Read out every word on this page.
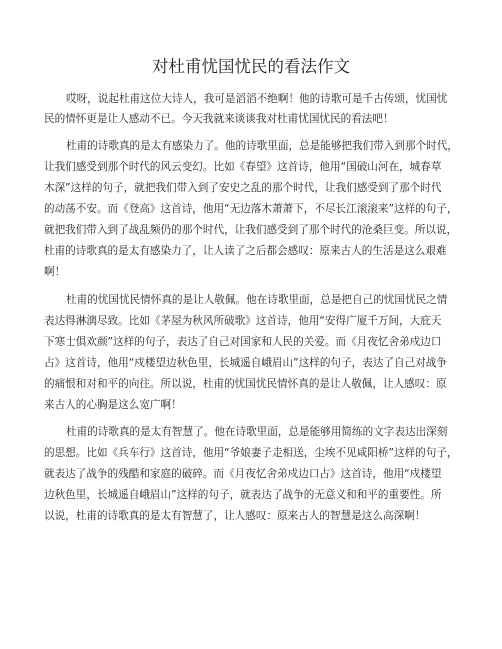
对杜甫忧国忧民的看法作文
哎呀，说起杜甫这位大诗人，我可是滔滔不绝啊！他的诗歌可是千古传颂，忧国忧
民的情怀更是让人感动不已。今天我就来谈谈我对杜甫忧国忧民的看法吧！
杜甫的诗歌真的是太有感染力了。他的诗歌里面，总是能够把我们带入到那个时代，
让我们感受到那个时代的风云变幻。比如《春望》这首诗，他用“国破山河在，城春草
木深”这样的句子，就把我们带入到了安史之乱的那个时代，让我们感受到了那个时代
的动荡不安。而《登高》这首诗，他用“无边落木萧萧下，不尽长江滚滚来”这样的句子，
就把我们带入到了战乱频仍的那个时代，让我们感受到了那个时代的沧桑巨变。所以说，
杜甫的诗歌真的是太有感染力了，让人读了之后都会感叹：原来古人的生活是这么艰难
啊！
杜甫的忧国忧民情怀真的是让人敬佩。他在诗歌里面，总是把自己的忧国忧民之情
表达得淋漓尽致。比如《茅屋为秋风所破歌》这首诗，他用“安得广厦千万间，大庇天
下寒士俱欢颜”这样的句子，表达了自己对国家和人民的关爱。而《月夜忆舍弟戍边口
占》这首诗，他用“戍楼望边秋色里，长城遥自峨眉山”这样的句子，表达了自己对战争
的痛恨和对和平的向往。所以说，杜甫的忧国忧民情怀真的是让人敬佩，让人感叹：原
来古人的心胸是这么宽广啊！
杜甫的诗歌真的是太有智慧了。他在诗歌里面，总是能够用简练的文字表达出深刻
的思想。比如《兵车行》这首诗，他用“爷娘妻子走相送，尘埃不见咸阳桥”这样的句子，
就表达了战争的残酷和家庭的破碎。而《月夜忆舍弟戍边口占》这首诗，他用“戍楼望
边秋色里，长城遥自峨眉山”这样的句子，就表达了战争的无意义和和平的重要性。所
以说，杜甫的诗歌真的是太有智慧了，让人感叹：原来古人的智慧是这么高深啊！
